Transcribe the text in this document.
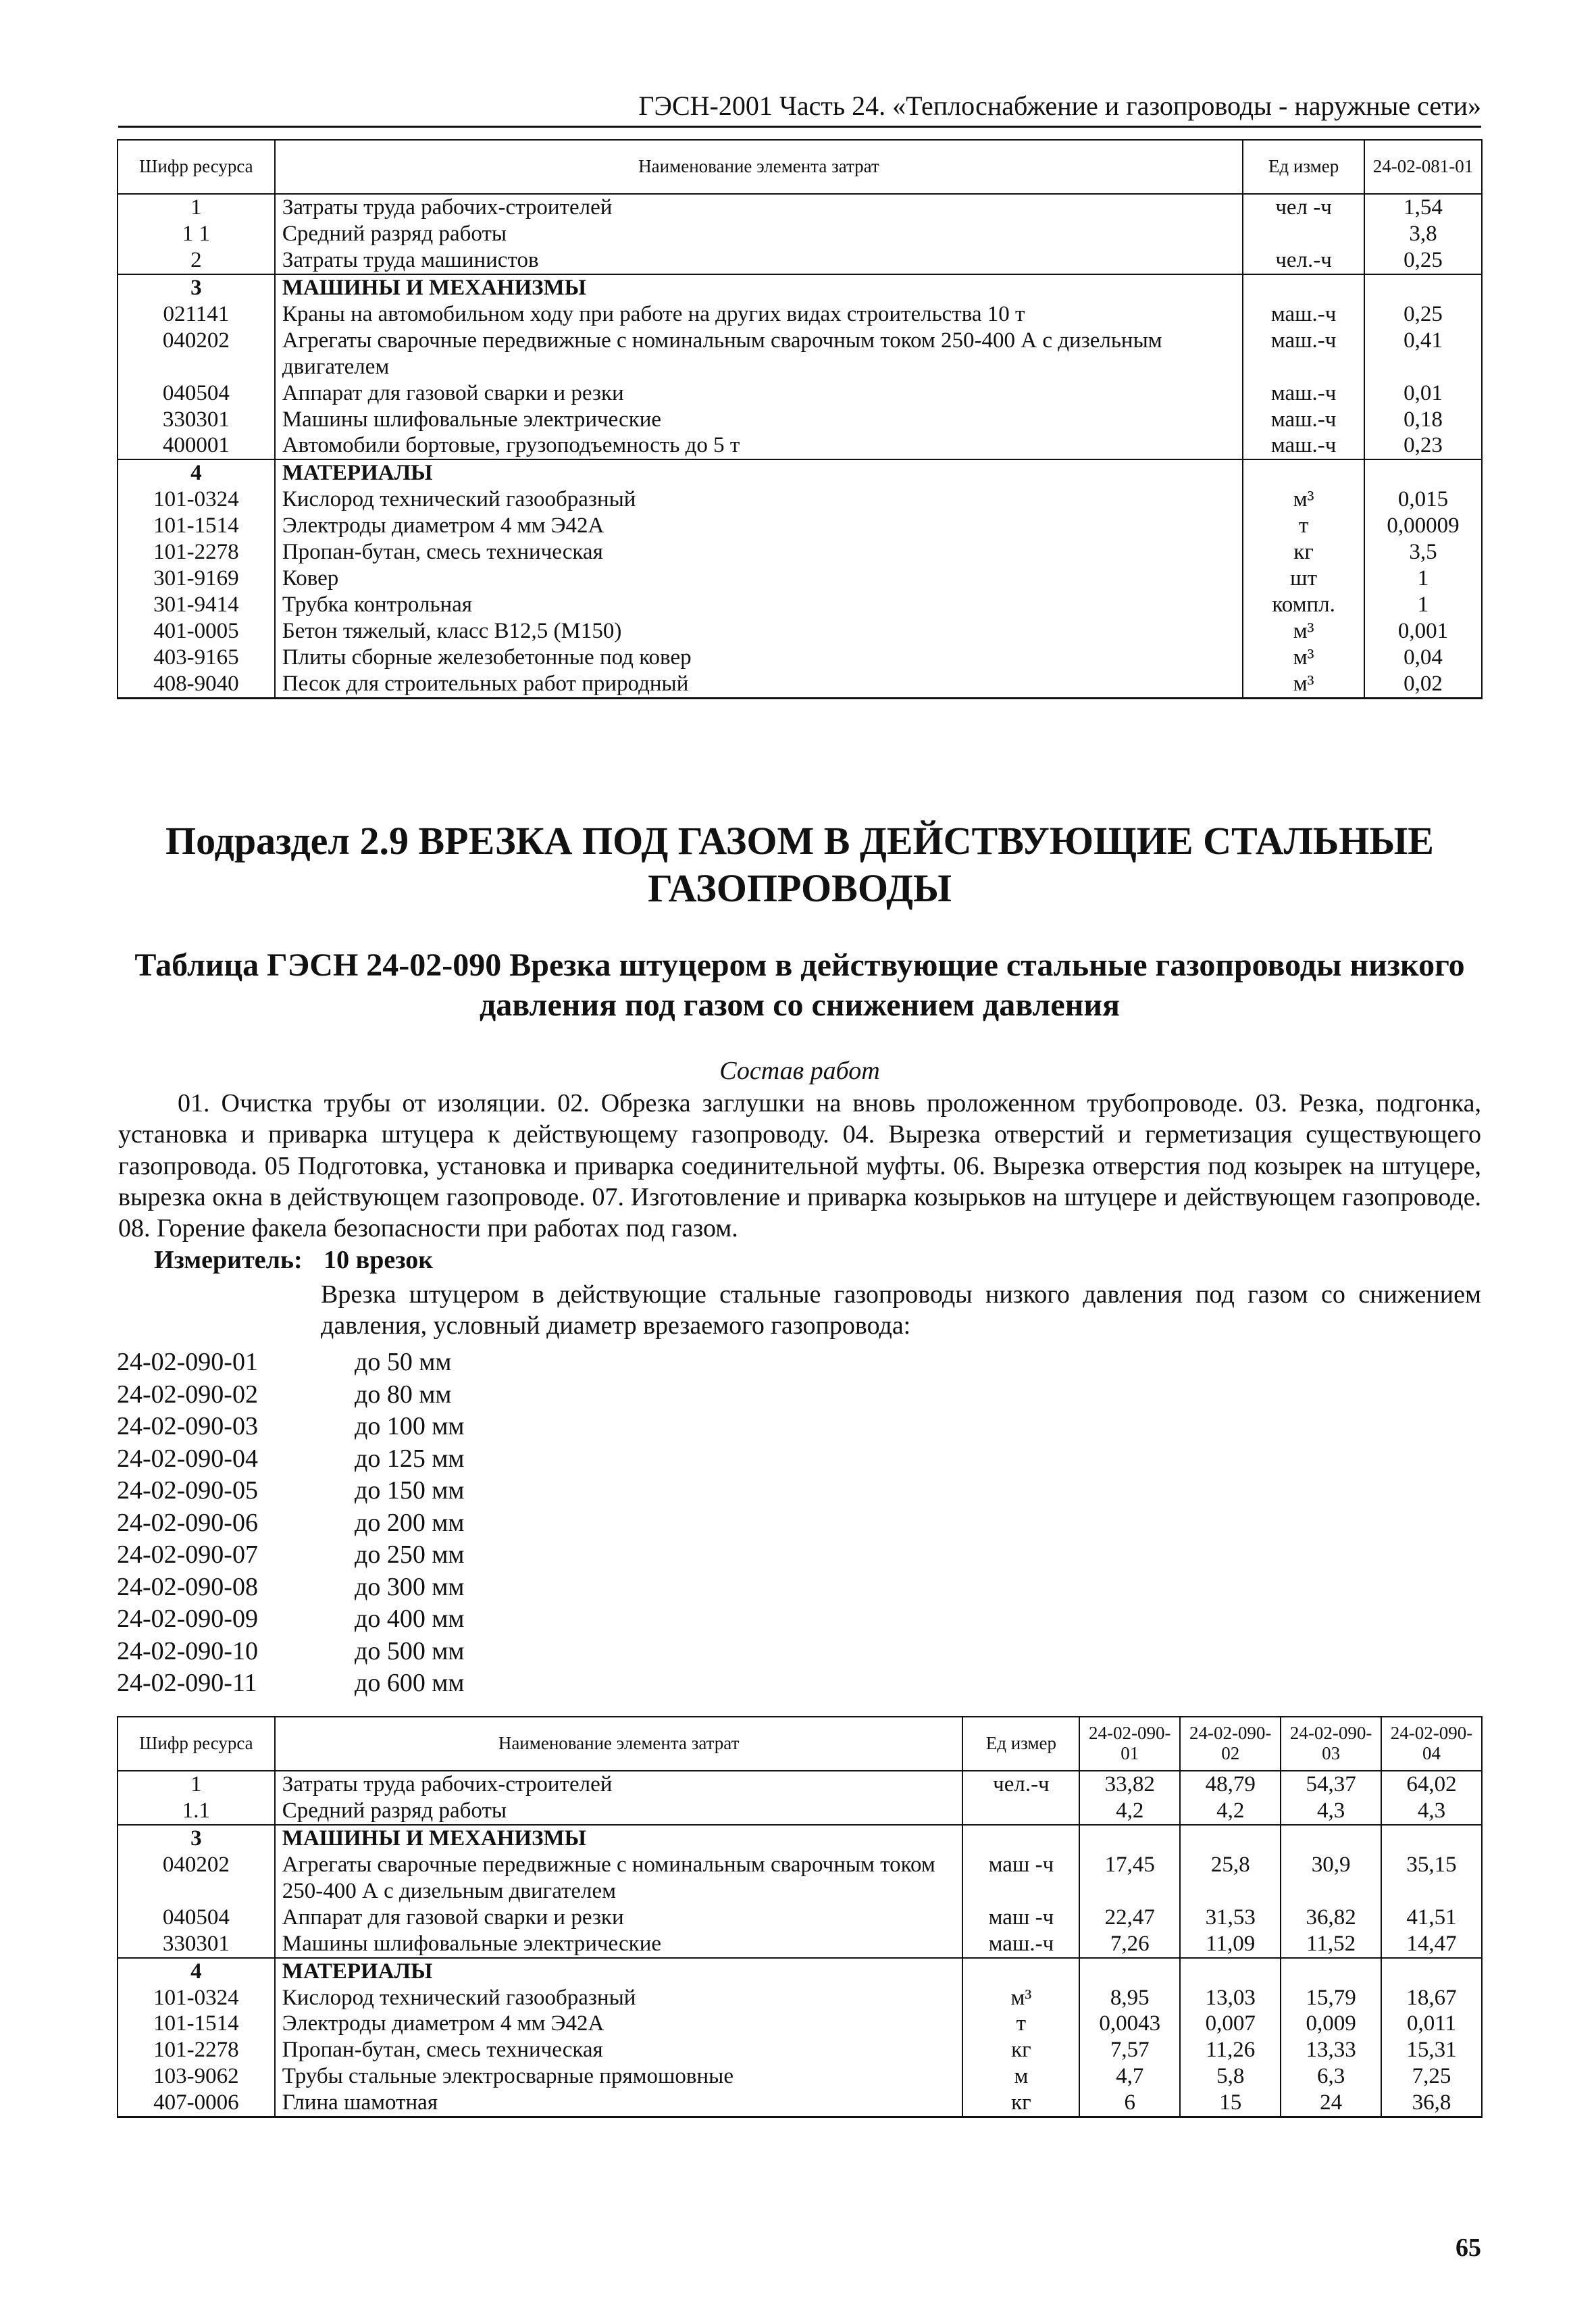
ГЭСН-2001 Часть 24. «Теплоснабжение и газопроводы - наружные сети»
Шифр ресурса	Наименование элемента затрат	Ед измер	24-02-081-01
1	Затраты труда рабочих-строителей	чел -ч	1,54
1 1	Средний разряд работы		3,8
2	Затраты труда машинистов	чел.-ч	0,25
3	МАШИНЫ И МЕХАНИЗМЫ		
021141	Краны на автомобильном ходу при работе на других видах строительства 10 т	маш.-ч	0,25
040202	Агрегаты сварочные передвижные с номинальным сварочным током 250-400 А с дизельным двигателем	маш.-ч	0,41
040504	Аппарат для газовой сварки и резки	маш.-ч	0,01
330301	Машины шлифовальные электрические	маш.-ч	0,18
400001	Автомобили бортовые, грузоподъемность до 5 т	маш.-ч	0,23
4	МАТЕРИАЛЫ		
101-0324	Кислород технический газообразный	м³	0,015
101-1514	Электроды диаметром 4 мм Э42А	т	0,00009
101-2278	Пропан-бутан, смесь техническая	кг	3,5
301-9169	Ковер	шт	1
301-9414	Трубка контрольная	компл.	1
401-0005	Бетон тяжелый, класс В12,5 (М150)	м³	0,001
403-9165	Плиты сборные железобетонные под ковер	м³	0,04
408-9040	Песок для строительных работ природный	м³	0,02
Подраздел 2.9 ВРЕЗКА ПОД ГАЗОМ В ДЕЙСТВУЮЩИЕ СТАЛЬНЫЕ ГАЗОПРОВОДЫ
Таблица ГЭСН 24-02-090 Врезка штуцером в действующие стальные газопроводы низкого давления под газом со снижением давления
Состав работ
01. Очистка трубы от изоляции. 02. Обрезка заглушки на вновь проложенном трубопроводе. 03. Резка, подгонка, установка и приварка штуцера к действующему газопроводу. 04. Вырезка отверстий и герметизация существующего газопровода. 05 Подготовка, установка и приварка соединительной муфты. 06. Вырезка отверстия под козырек на штуцере, вырезка окна в действующем газопроводе. 07. Изготовление и приварка козырьков на штуцере и действующем газопроводе. 08. Горение факела безопасности при работах под газом.
Измеритель: 10 врезок
Врезка штуцером в действующие стальные газопроводы низкого давления под газом со снижением давления, условный диаметр врезаемого газопровода:
24-02-090-01	до 50 мм
24-02-090-02	до 80 мм
24-02-090-03	до 100 мм
24-02-090-04	до 125 мм
24-02-090-05	до 150 мм
24-02-090-06	до 200 мм
24-02-090-07	до 250 мм
24-02-090-08	до 300 мм
24-02-090-09	до 400 мм
24-02-090-10	до 500 мм
24-02-090-11	до 600 мм
Шифр ресурса	Наименование элемента затрат	Ед измер	24-02-090-01	24-02-090-02	24-02-090-03	24-02-090-04
1	Затраты труда рабочих-строителей	чел.-ч	33,82	48,79	54,37	64,02
1.1	Средний разряд работы		4,2	4,2	4,3	4,3
3	МАШИНЫ И МЕХАНИЗМЫ					
040202	Агрегаты сварочные передвижные с номинальным сварочным током 250-400 А с дизельным двигателем	маш -ч	17,45	25,8	30,9	35,15
040504	Аппарат для газовой сварки и резки	маш -ч	22,47	31,53	36,82	41,51
330301	Машины шлифовальные электрические	маш.-ч	7,26	11,09	11,52	14,47
4	МАТЕРИАЛЫ					
101-0324	Кислород технический газообразный	м³	8,95	13,03	15,79	18,67
101-1514	Электроды диаметром 4 мм Э42А	т	0,0043	0,007	0,009	0,011
101-2278	Пропан-бутан, смесь техническая	кг	7,57	11,26	13,33	15,31
103-9062	Трубы стальные электросварные прямошовные	м	4,7	5,8	6,3	7,25
407-0006	Глина шамотная	кг	6	15	24	36,8
65
